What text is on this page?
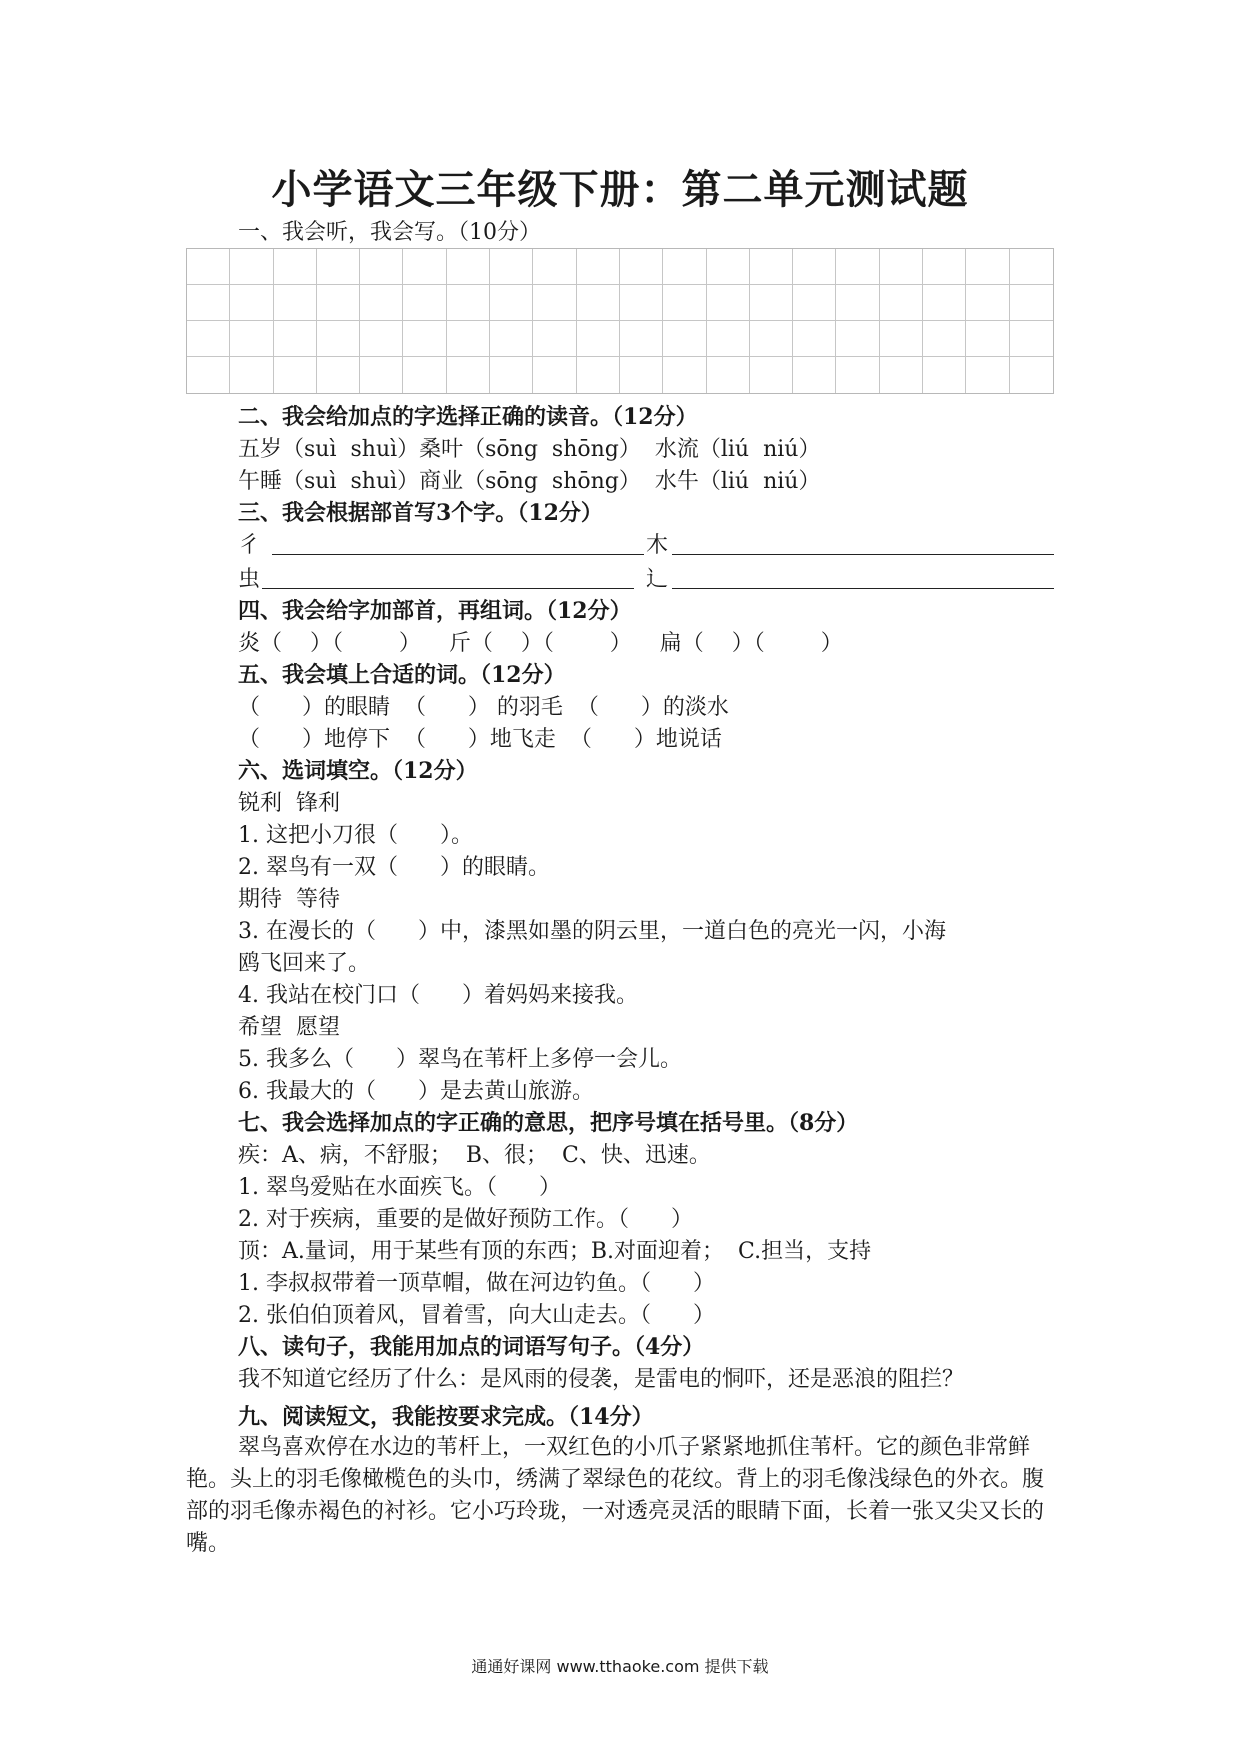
小学语文三年级下册：第二单元测试题
一、我会听，我会写。（10分）
二、我会给加点的字选择正确的读音。（12分）
五岁（suì  shuì）桑叶（sōng  shōng）  水流（liú  niú）
午睡（suì  shuì）商业（sōng  shōng）  水牛（liú  niú）
三、我会根据部首写3个字。（12分）
彳	木
虫	辶
四、我会给字加部首，再组词。（12分）
炎（    ）（        ）    斤（    ）（        ）    扁（    ）（        ）
五、我会填上合适的词。（12分）
（      ）的眼睛  （      ） 的羽毛  （      ）的淡水
（      ）地停下  （      ）地飞走  （      ）地说话
六、选词填空。（12分）
锐利  锋利
1. 这把小刀很（      ）。
2. 翠鸟有一双（      ）的眼睛。
期待  等待
3. 在漫长的（      ）中，漆黑如墨的阴云里，一道白色的亮光一闪，小海
鸥飞回来了。
4. 我站在校门口（      ）着妈妈来接我。
希望  愿望
5. 我多么（      ）翠鸟在苇杆上多停一会儿。
6. 我最大的（      ）是去黄山旅游。
七、我会选择加点的字正确的意思，把序号填在括号里。（8分）
疾：A、病，不舒服；  B、很；  C、快、迅速。
1. 翠鸟爱贴在水面疾飞。（      ）
2. 对于疾病，重要的是做好预防工作。（      ）
顶：A.量词，用于某些有顶的东西；B.对面迎着；  C.担当，支持
1. 李叔叔带着一顶草帽，做在河边钓鱼。（      ）
2. 张伯伯顶着风，冒着雪，向大山走去。（      ）
八、读句子，我能用加点的词语写句子。（4分）
我不知道它经历了什么：是风雨的侵袭，是雷电的恫吓，还是恶浪的阻拦？
九、阅读短文，我能按要求完成。（14分）
翠鸟喜欢停在水边的苇杆上，一双红色的小爪子紧紧地抓住苇杆。它的颜色非常鲜艳。头上的羽毛像橄榄色的头巾，绣满了翠绿色的花纹。背上的羽毛像浅绿色的外衣。腹部的羽毛像赤褐色的衬衫。它小巧玲珑，一对透亮灵活的眼睛下面，长着一张又尖又长的嘴。
通通好课网 www.tthaoke.com 提供下载
